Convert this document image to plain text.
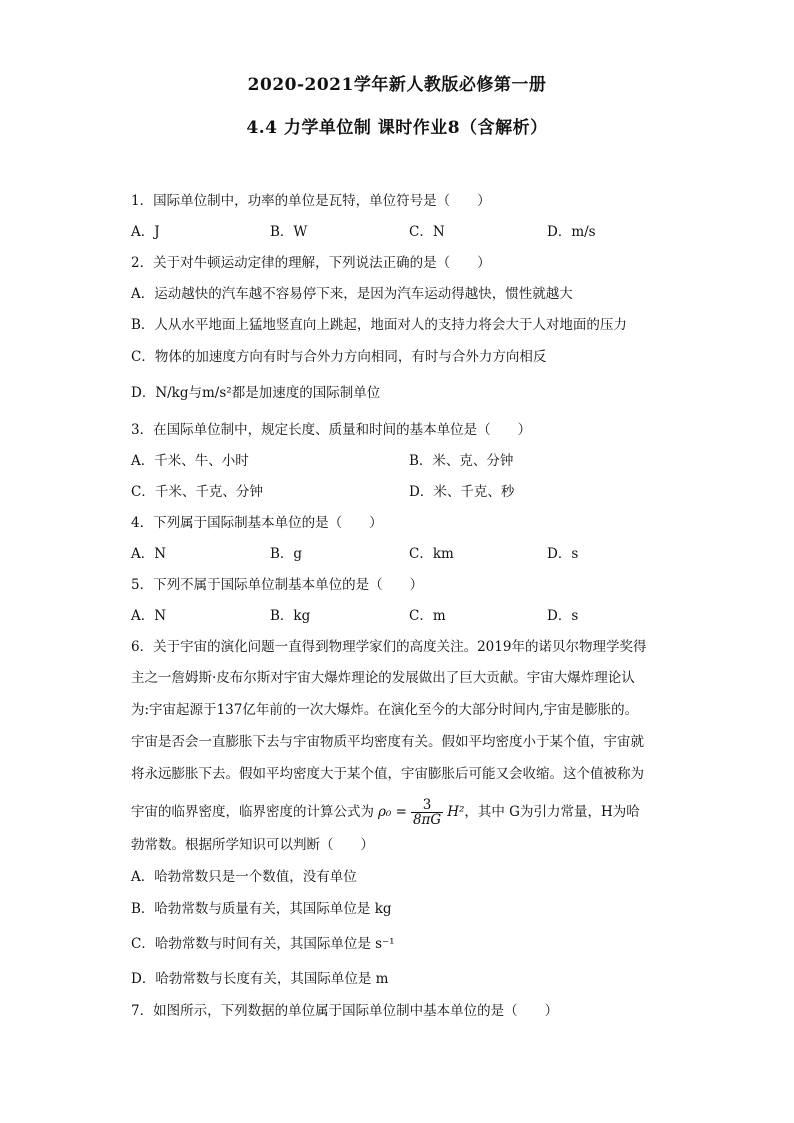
2020-2021学年新人教版必修第一册
4.4 力学单位制 课时作业8（含解析）
1．国际单位制中，功率的单位是瓦特，单位符号是（　　）
A．J	B．W	C．N	D．m/s
2．关于对牛顿运动定律的理解，下列说法正确的是（　　）
A．运动越快的汽车越不容易停下来，是因为汽车运动得越快，惯性就越大
B．人从水平地面上猛地竖直向上跳起，地面对人的支持力将会大于人对地面的压力
C．物体的加速度方向有时与合外力方向相同，有时与合外力方向相反
D．N/kg与m/s²都是加速度的国际制单位
3．在国际单位制中，规定长度、质量和时间的基本单位是（　　）
A．千米、牛、小时	B．米、克、分钟
C．千米、千克、分钟	D．米、千克、秒
4．下列属于国际制基本单位的是（　　）
A．N	B．g	C．km	D．s
5．下列不属于国际单位制基本单位的是（　　）
A．N	B．kg	C．m	D．s
6．关于宇宙的演化问题一直得到物理学家们的高度关注。2019年的诺贝尔物理学奖得
主之一詹姆斯·皮布尔斯对宇宙大爆炸理论的发展做出了巨大贡献。宇宙大爆炸理论认
为:宇宙起源于137亿年前的一次大爆炸。在演化至今的大部分时间内,宇宙是膨胀的。
宇宙是否会一直膨胀下去与宇宙物质平均密度有关。假如平均密度小于某个值，宇宙就
将永远膨胀下去。假如平均密度大于某个值，宇宙膨胀后可能又会收缩。这个值被称为
宇宙的临界密度，临界密度的计算公式为 $\rho_0 = \frac{3}{8\pi G} H^2$ ，其中 G为引力常量，H为哈
勃常数。根据所学知识可以判断（　　）
A．哈勃常数只是一个数值，没有单位
B．哈勃常数与质量有关，其国际单位是 kg
C．哈勃常数与时间有关，其国际单位是 s⁻¹
D．哈勃常数与长度有关，其国际单位是 m
7．如图所示，下列数据的单位属于国际单位制中基本单位的是（　　）
